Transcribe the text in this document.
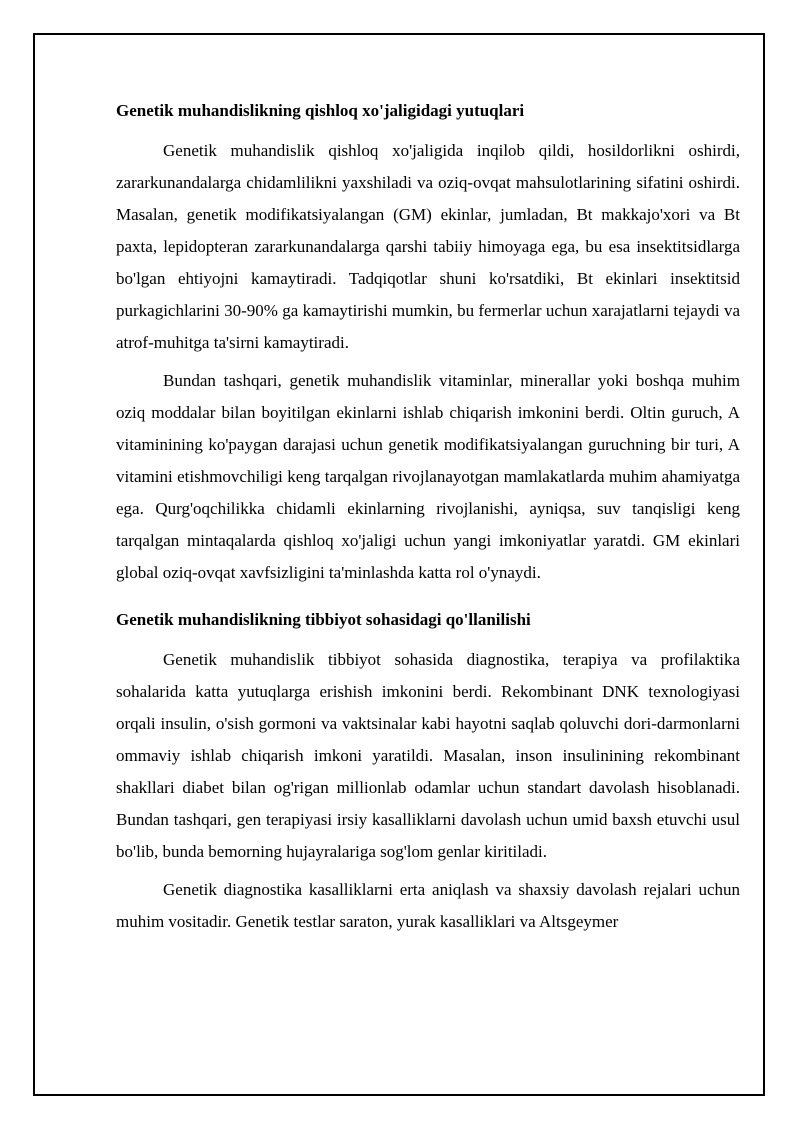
Genetik muhandislikning qishloq xo'jaligidagi yutuqlari

Genetik muhandislik qishloq xo'jaligida inqilob qildi, hosildorlikni oshirdi, zararkunandalarga chidamlilikni yaxshiladi va oziq-ovqat mahsulotlarining sifatini oshirdi. Masalan, genetik modifikatsiyalangan (GM) ekinlar, jumladan, Bt makkajo'xori va Bt paxta, lepidopteran zararkunandalarga qarshi tabiiy himoyaga ega, bu esa insektitsidlarga bo'lgan ehtiyojni kamaytiradi. Tadqiqotlar shuni ko'rsatdiki, Bt ekinlari insektitsid purkagichlarini 30-90% ga kamaytirishi mumkin, bu fermerlar uchun xarajatlarni tejaydi va atrof-muhitga ta'sirni kamaytiradi.

Bundan tashqari, genetik muhandislik vitaminlar, minerallar yoki boshqa muhim oziq moddalar bilan boyitilgan ekinlarni ishlab chiqarish imkonini berdi. Oltin guruch, A vitaminining ko'paygan darajasi uchun genetik modifikatsiyalangan guruchning bir turi, A vitamini etishmovchiligi keng tarqalgan rivojlanayotgan mamlakatlarda muhim ahamiyatga ega. Qurg'oqchilikka chidamli ekinlarning rivojlanishi, ayniqsa, suv tanqisligi keng tarqalgan mintaqalarda qishloq xo'jaligi uchun yangi imkoniyatlar yaratdi. GM ekinlari global oziq-ovqat xavfsizligini ta'minlashda katta rol o'ynaydi.

Genetik muhandislikning tibbiyot sohasidagi qo'llanilishi

Genetik muhandislik tibbiyot sohasida diagnostika, terapiya va profilaktika sohalarida katta yutuqlarga erishish imkonini berdi. Rekombinant DNK texnologiyasi orqali insulin, o'sish gormoni va vaktsinalar kabi hayotni saqlab qoluvchi dori-darmonlarni ommaviy ishlab chiqarish imkoni yaratildi. Masalan, inson insulinining rekombinant shakllari diabet bilan og'rigan millionlab odamlar uchun standart davolash hisoblanadi. Bundan tashqari, gen terapiyasi irsiy kasalliklarni davolash uchun umid baxsh etuvchi usul bo'lib, bunda bemorning hujayralariga sog'lom genlar kiritiladi.

Genetik diagnostika kasalliklarni erta aniqlash va shaxsiy davolash rejalari uchun muhim vositadir. Genetik testlar saraton, yurak kasalliklari va Altsgeymer
